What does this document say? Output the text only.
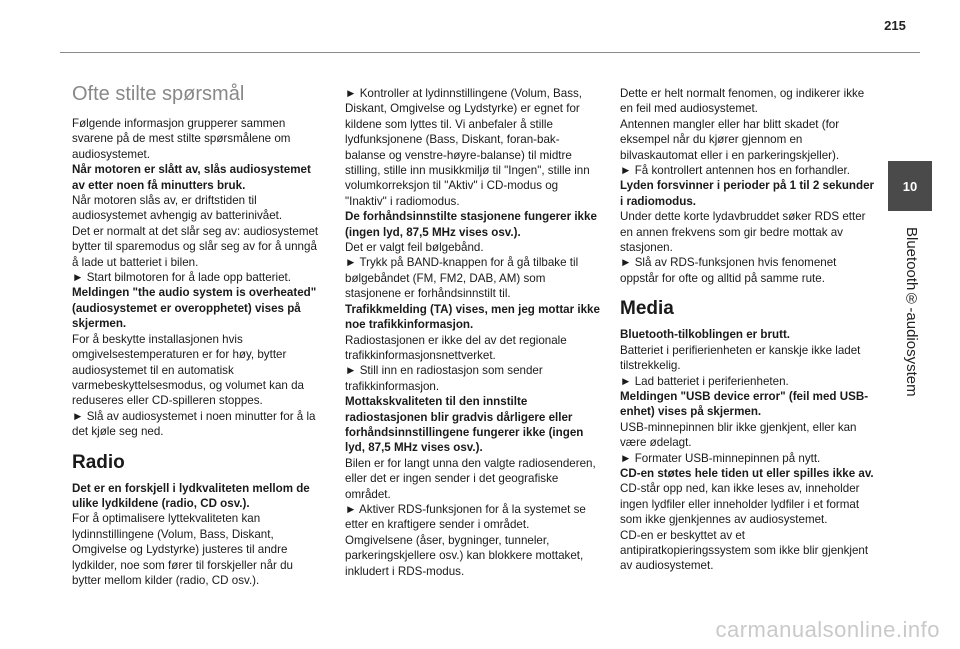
215
10
Bluetooth®-audiosystem
Ofte stilte spørsmål

Følgende informasjon grupperer sammen svarene på de mest stilte spørsmålene om audiosystemet.

Når motoren er slått av, slås audiosystemet av etter noen få minutters bruk.

Når motoren slås av, er driftstiden til audiosystemet avhengig av batterinivået.

Det er normalt at det slår seg av: audiosystemet bytter til sparemodus og slår seg av for å unngå å lade ut batteriet i bilen.

► Start bilmotoren for å lade opp batteriet.

Meldingen "the audio system is overheated" (audiosystemet er overopphetet) vises på skjermen.

For å beskytte installasjonen hvis omgivelsestemperaturen er for høy, bytter audiosystemet til en automatisk varmebeskyttelsesmodus, og volumet kan da reduseres eller CD-spilleren stoppes.

► Slå av audiosystemet i noen minutter for å la det kjøle seg ned.

Radio

Det er en forskjell i lydkvaliteten mellom de ulike lydkildene (radio, CD osv.).

For å optimalisere lyttekvaliteten kan lydinnstillingene (Volum, Bass, Diskant, Omgivelse og Lydstyrke) justeres til andre lydkilder, noe som fører til forskjeller når du bytter mellom kilder (radio, CD osv.).

► Kontroller at lydinnstillingene (Volum, Bass, Diskant, Omgivelse og Lydstyrke) er egnet for kildene som lyttes til. Vi anbefaler å stille lydfunksjonene (Bass, Diskant, foran-bak-balanse og venstre-høyre-balanse) til midtre stilling, stille inn musikkmiljø til "Ingen", stille inn volumkorreksjon til "Aktiv" i CD-modus og "Inaktiv" i radiomodus.

De forhåndsinnstilte stasjonene fungerer ikke (ingen lyd, 87,5 MHz vises osv.).

Det er valgt feil bølgebånd.

► Trykk på BAND-knappen for å gå tilbake til bølgebåndet (FM, FM2, DAB, AM) som stasjonene er forhåndsinnstilt til.

Trafikkmelding (TA) vises, men jeg mottar ikke noe trafikkinformasjon.

Radiostasjonen er ikke del av det regionale trafikkinformasjonsnettverket.

► Still inn en radiostasjon som sender trafikkinformasjon.

Mottakskvaliteten til den innstilte radiostasjonen blir gradvis dårligere eller forhåndsinnstillingene fungerer ikke (ingen lyd, 87,5 MHz vises osv.).

Bilen er for langt unna den valgte radiosenderen, eller det er ingen sender i det geografiske området.

► Aktiver RDS-funksjonen for å la systemet se etter en kraftigere sender i området.

Omgivelsene (åser, bygninger, tunneler, parkeringskjellere osv.) kan blokkere mottaket, inkludert i RDS-modus.

Dette er helt normalt fenomen, og indikerer ikke en feil med audiosystemet.

Antennen mangler eller har blitt skadet (for eksempel når du kjører gjennom en bilvaskautomat eller i en parkeringskjeller).

► Få kontrollert antennen hos en forhandler.

Lyden forsvinner i perioder på 1 til 2 sekunder i radiomodus.

Under dette korte lydavbruddet søker RDS etter en annen frekvens som gir bedre mottak av stasjonen.

► Slå av RDS-funksjonen hvis fenomenet oppstår for ofte og alltid på samme rute.

Media

Bluetooth-tilkoblingen er brutt.

Batteriet i perifierienheten er kanskje ikke ladet tilstrekkelig.

► Lad batteriet i periferienheten.

Meldingen "USB device error" (feil med USB-enhet) vises på skjermen.

USB-minnepinnen blir ikke gjenkjent, eller kan være ødelagt.

► Formater USB-minnepinnen på nytt.

CD-en støtes hele tiden ut eller spilles ikke av.

CD-står opp ned, kan ikke leses av, inneholder ingen lydfiler eller inneholder lydfiler i et format som ikke gjenkjennes av audiosystemet.

CD-en er beskyttet av et antipiratkopieringssystem som ikke blir gjenkjent av audiosystemet.

carmanualsonline.info
